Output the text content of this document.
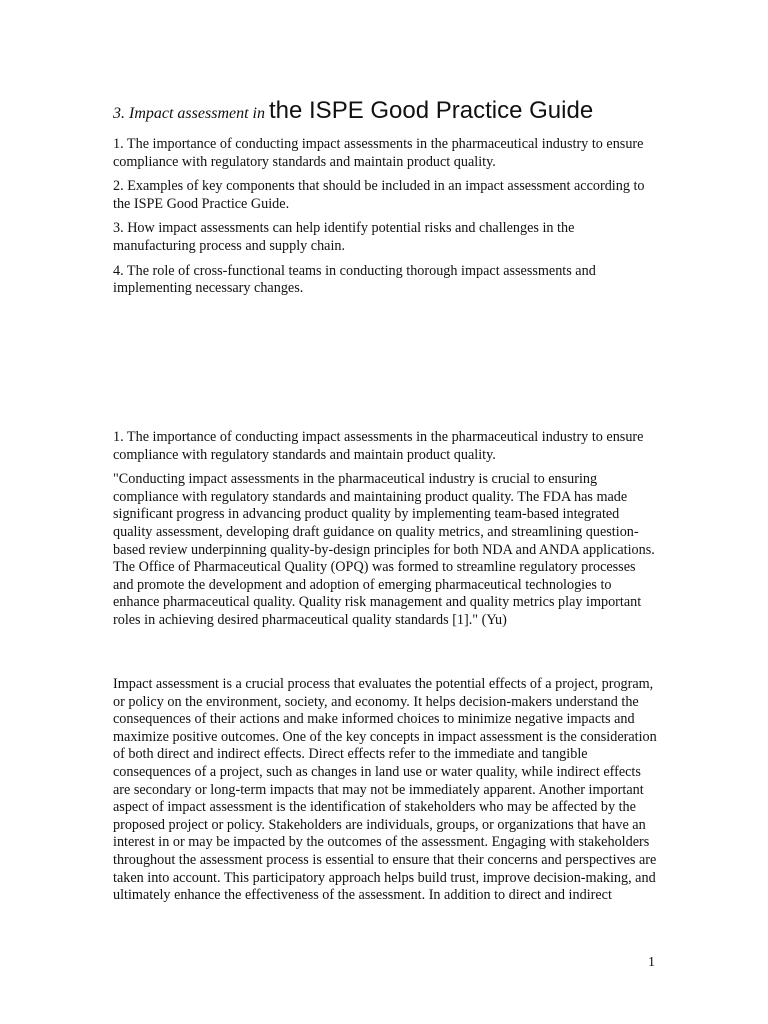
3. Impact assessment in the ISPE Good Practice Guide

1. The importance of conducting impact assessments in the pharmaceutical industry to ensure compliance with regulatory standards and maintain product quality.

2. Examples of key components that should be included in an impact assessment according to the ISPE Good Practice Guide.

3. How impact assessments can help identify potential risks and challenges in the manufacturing process and supply chain.

4. The role of cross-functional teams in conducting thorough impact assessments and implementing necessary changes.

1. The importance of conducting impact assessments in the pharmaceutical industry to ensure compliance with regulatory standards and maintain product quality.

"Conducting impact assessments in the pharmaceutical industry is crucial to ensuring compliance with regulatory standards and maintaining product quality. The FDA has made significant progress in advancing product quality by implementing team-based integrated quality assessment, developing draft guidance on quality metrics, and streamlining question-based review underpinning quality-by-design principles for both NDA and ANDA applications. The Office of Pharmaceutical Quality (OPQ) was formed to streamline regulatory processes and promote the development and adoption of emerging pharmaceutical technologies to enhance pharmaceutical quality. Quality risk management and quality metrics play important roles in achieving desired pharmaceutical quality standards [1]." (Yu)

Impact assessment is a crucial process that evaluates the potential effects of a project, program, or policy on the environment, society, and economy. It helps decision-makers understand the consequences of their actions and make informed choices to minimize negative impacts and maximize positive outcomes. One of the key concepts in impact assessment is the consideration of both direct and indirect effects. Direct effects refer to the immediate and tangible consequences of a project, such as changes in land use or water quality, while indirect effects are secondary or long-term impacts that may not be immediately apparent. Another important aspect of impact assessment is the identification of stakeholders who may be affected by the proposed project or policy. Stakeholders are individuals, groups, or organizations that have an interest in or may be impacted by the outcomes of the assessment. Engaging with stakeholders throughout the assessment process is essential to ensure that their concerns and perspectives are taken into account. This participatory approach helps build trust, improve decision-making, and ultimately enhance the effectiveness of the assessment. In addition to direct and indirect

1
